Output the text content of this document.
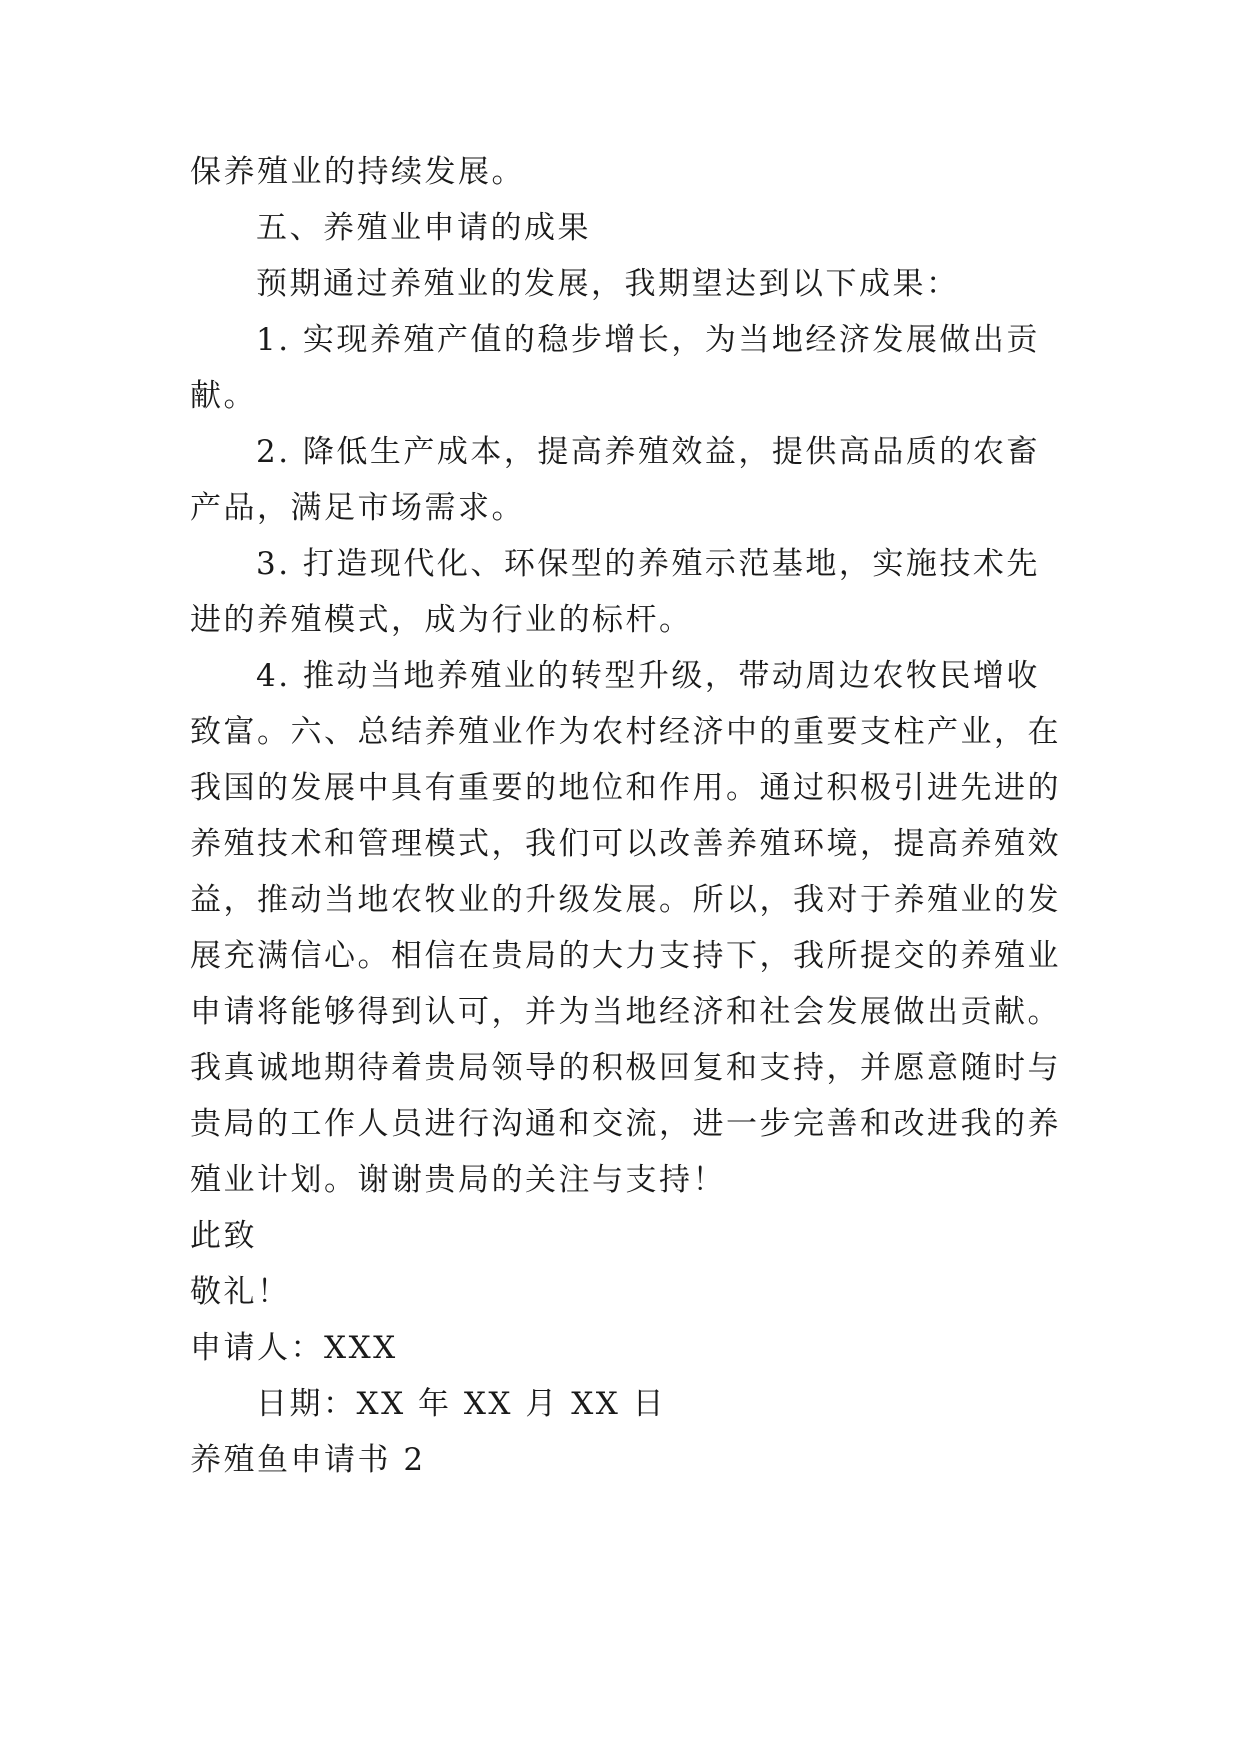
保养殖业的持续发展。
五、养殖业申请的成果
预期通过养殖业的发展，我期望达到以下成果：
1. 实现养殖产值的稳步增长，为当地经济发展做出贡
献。
2. 降低生产成本，提高养殖效益，提供高品质的农畜
产品，满足市场需求。
3. 打造现代化、环保型的养殖示范基地，实施技术先
进的养殖模式，成为行业的标杆。
4. 推动当地养殖业的转型升级，带动周边农牧民增收
致富。六、总结养殖业作为农村经济中的重要支柱产业，在
我国的发展中具有重要的地位和作用。通过积极引进先进的
养殖技术和管理模式，我们可以改善养殖环境，提高养殖效
益，推动当地农牧业的升级发展。所以，我对于养殖业的发
展充满信心。相信在贵局的大力支持下，我所提交的养殖业
申请将能够得到认可，并为当地经济和社会发展做出贡献。
我真诚地期待着贵局领导的积极回复和支持，并愿意随时与
贵局的工作人员进行沟通和交流，进一步完善和改进我的养
殖业计划。谢谢贵局的关注与支持！
此致
敬礼！
申请人：XXX
日期：XX 年 XX 月 XX 日
养殖鱼申请书 2
